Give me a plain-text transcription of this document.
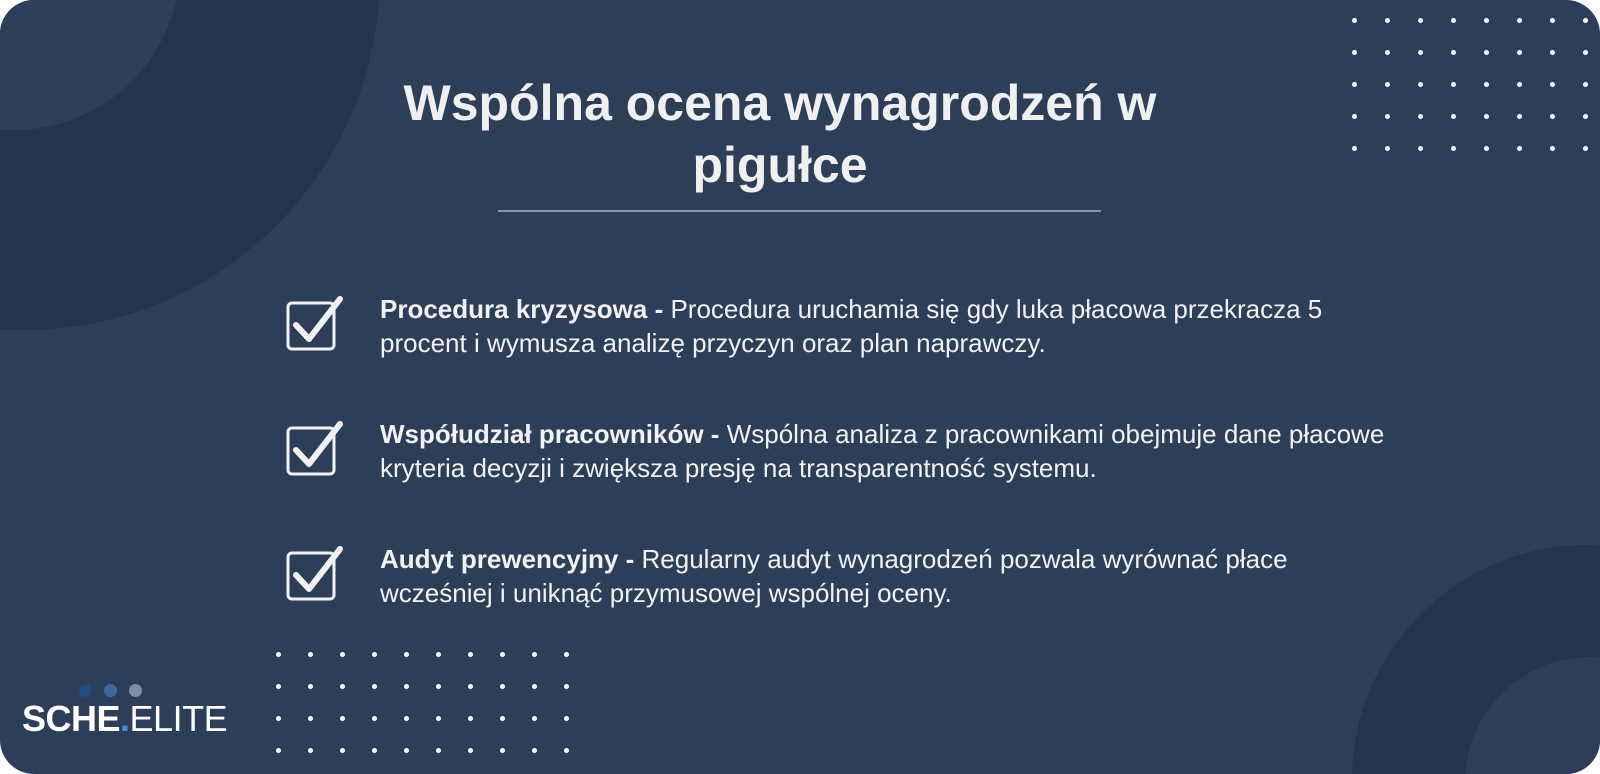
Wspólna ocena wynagrodzeń w pigułce

Procedura kryzysowa - Procedura uruchamia się gdy luka płacowa przekracza 5 procent i wymusza analizę przyczyn oraz plan naprawczy.

Współudział pracowników - Wspólna analiza z pracownikami obejmuje dane płacowe kryteria decyzji i zwiększa presję na transparentność systemu.

Audyt prewencyjny - Regularny audyt wynagrodzeń pozwala wyrównać płace wcześniej i uniknąć przymusowej wspólnej oceny.

SCHE.ELITE
